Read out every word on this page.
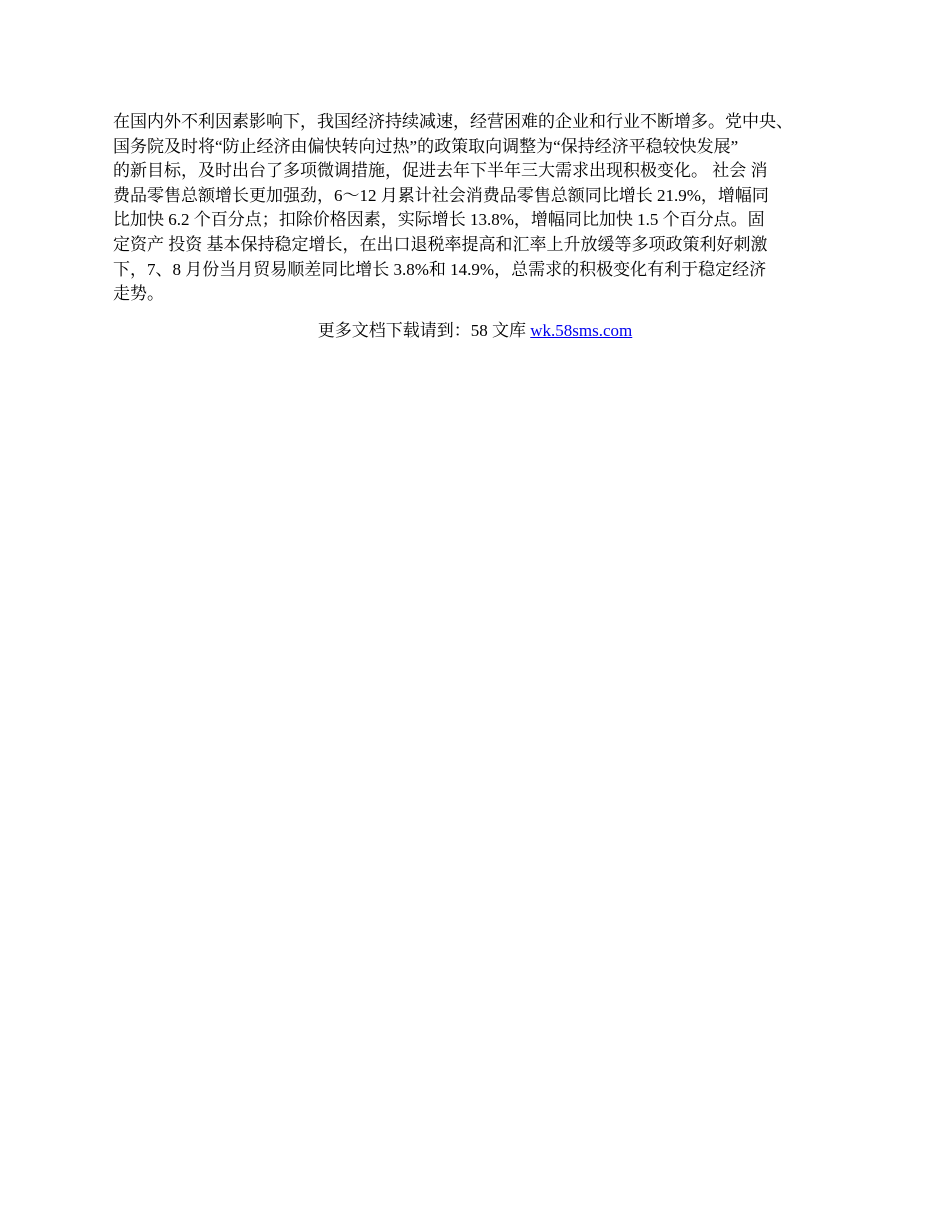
在国内外不利因素影响下，我国经济持续减速，经营困难的企业和行业不断增多。党中央、
国务院及时将“防止经济由偏快转向过热”的政策取向调整为“保持经济平稳较快发展”
的新目标，及时出台了多项微调措施，促进去年下半年三大需求出现积极变化。 社会 消
费品零售总额增长更加强劲，6～12 月累计社会消费品零售总额同比增长 21.9%，增幅同
比加快 6.2 个百分点；扣除价格因素，实际增长 13.8%，增幅同比加快 1.5 个百分点。固
定资产 投资 基本保持稳定增长，在出口退税率提高和汇率上升放缓等多项政策利好刺激
下，7、8 月份当月贸易顺差同比增长 3.8%和 14.9%，总需求的积极变化有利于稳定经济
走势。
更多文档下载请到：58 文库 wk.58sms.com
